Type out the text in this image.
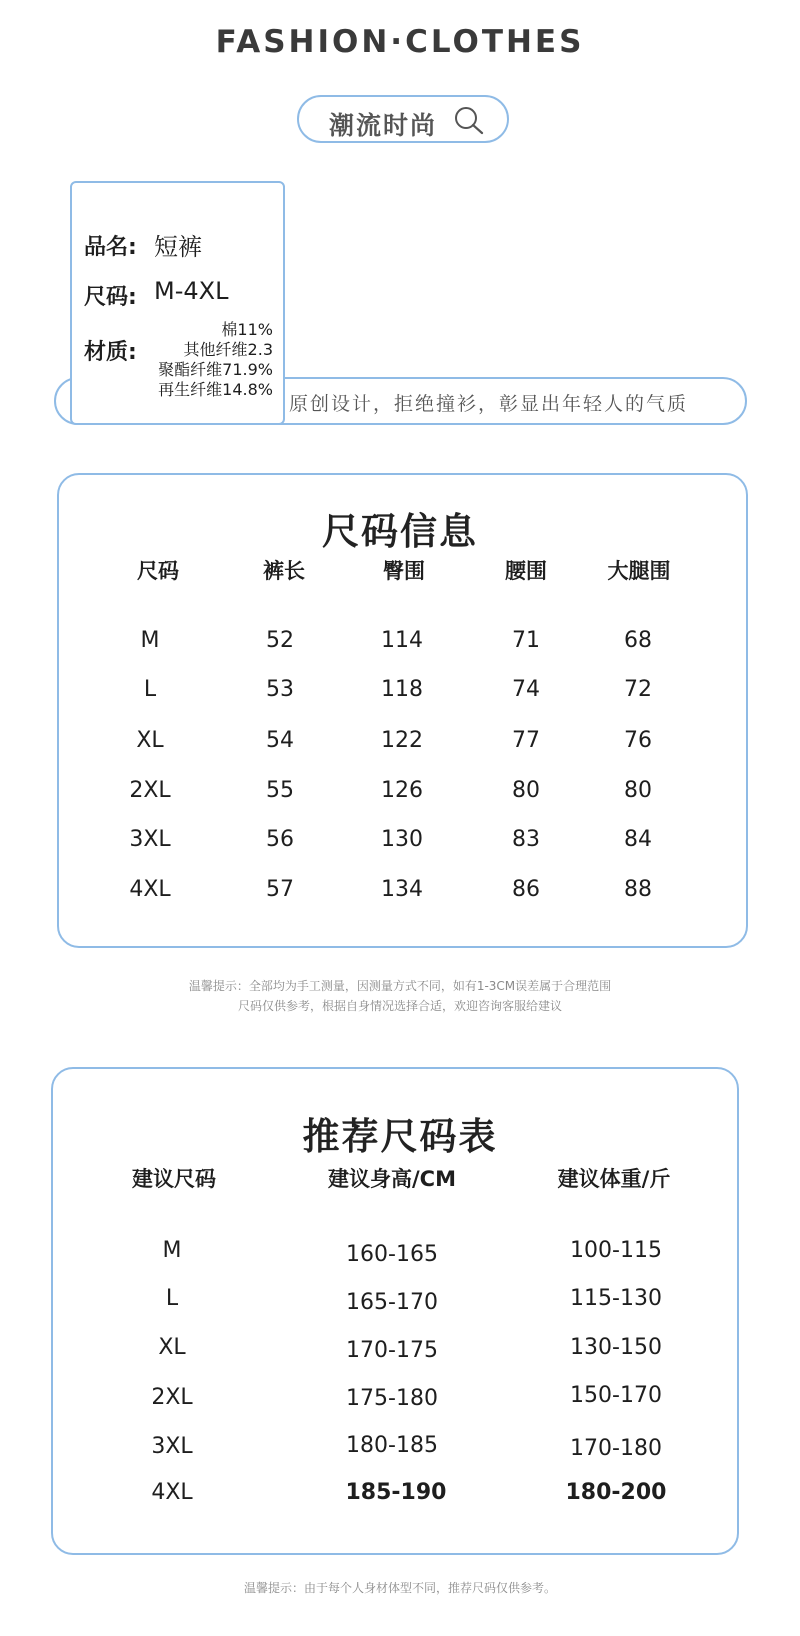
FASHION·CLOTHES
潮流时尚
原创设计，拒绝撞衫，彰显出年轻人的气质
品名: 短裤
尺码: M-4XL
材质:
棉11%
其他纤维2.3
聚酯纤维71.9%
再生纤维14.8%
尺码信息
尺码	裤长	臀围	腰围	大腿围
M	52	114	71	68
L	53	118	74	72
XL	54	122	77	76
2XL	55	126	80	80
3XL	56	130	83	84
4XL	57	134	86	88
温馨提示：全部均为手工测量，因测量方式不同，如有1-3CM误差属于合理范围
尺码仅供参考，根据自身情况选择合适，欢迎咨询客服给建议
推荐尺码表
建议尺码	建议身高/CM	建议体重/斤
M	160-165	100-115
L	165-170	115-130
XL	170-175	130-150
2XL	175-180	150-170
3XL	180-185	170-180
4XL	185-190	180-200
温馨提示：由于每个人身材体型不同，推荐尺码仅供参考。
